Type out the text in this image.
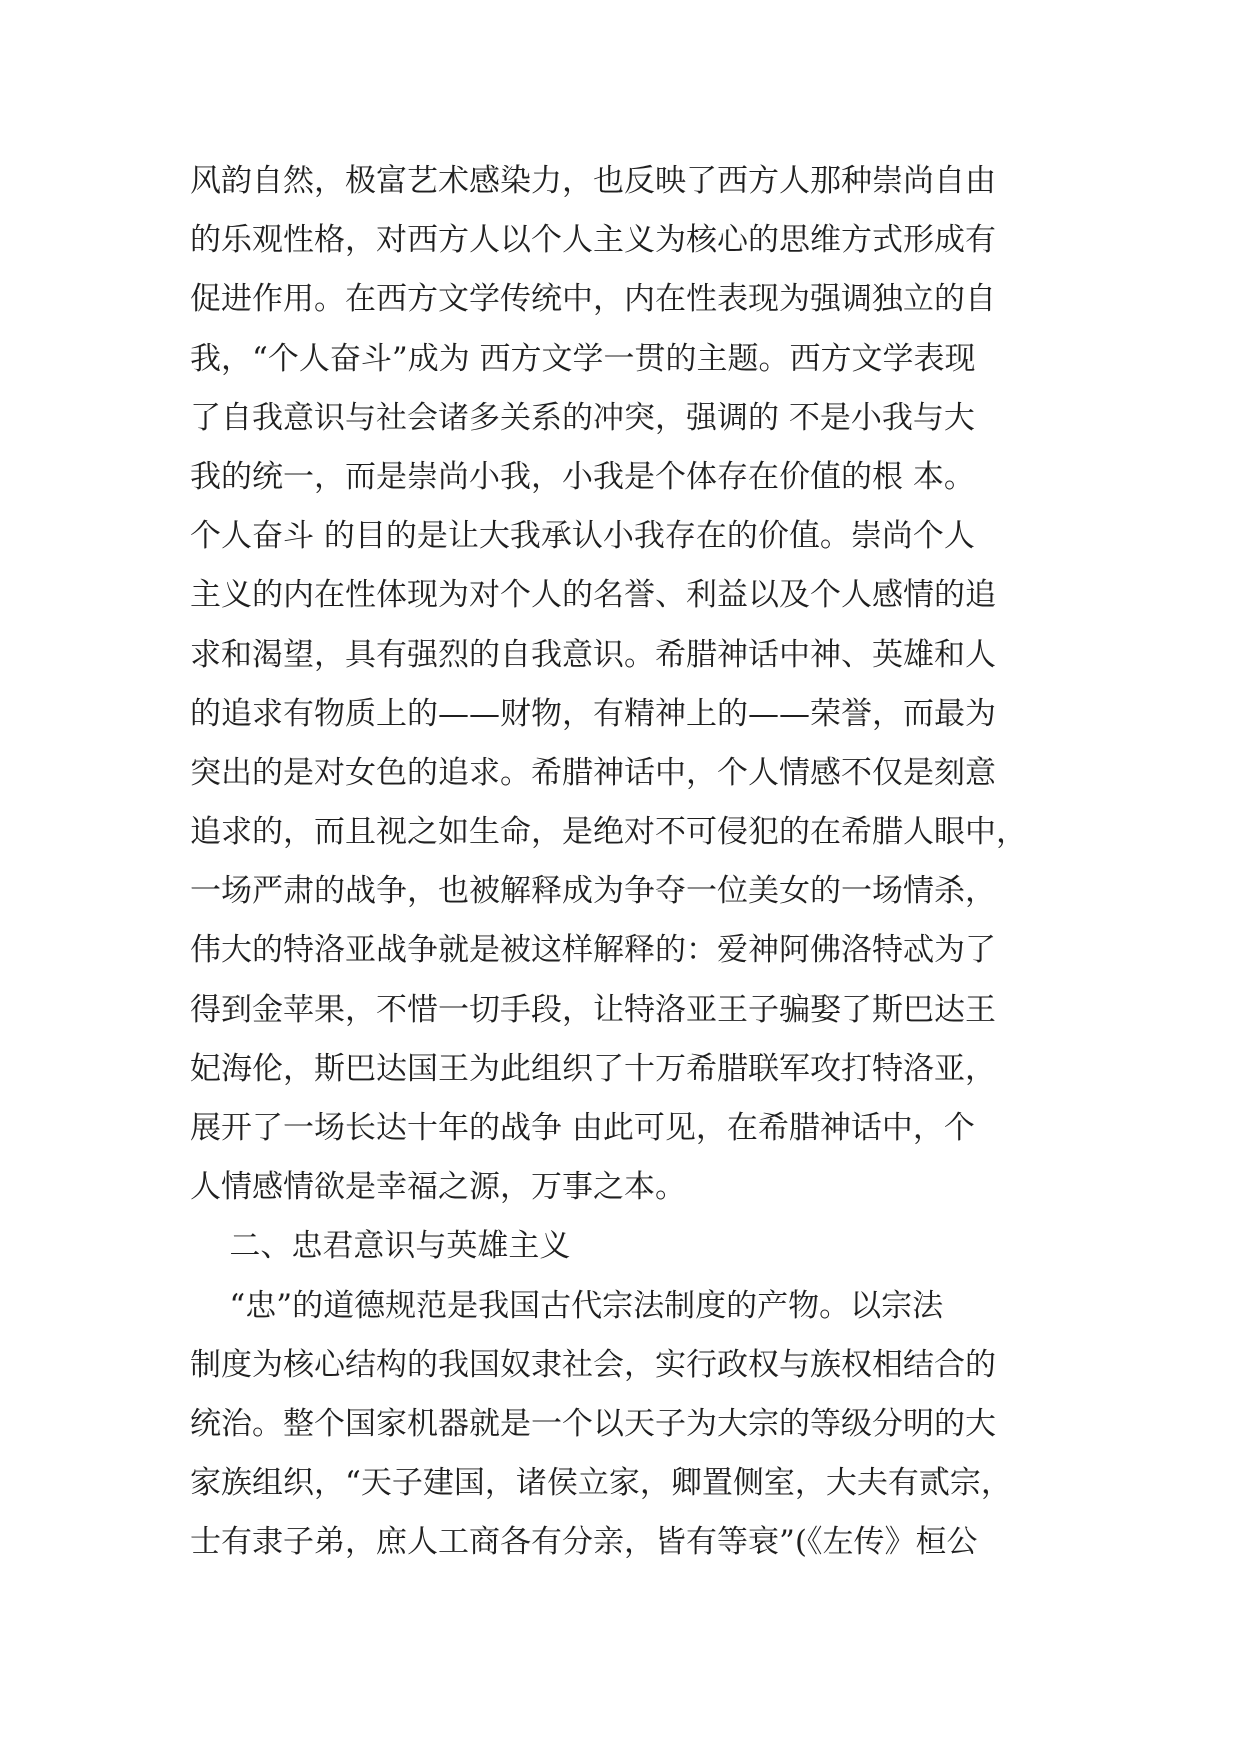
风韵自然，极富艺术感染力，也反映了西方人那种崇尚自由

的乐观性格，对西方人以个人主义为核心的思维方式形成有

促进作用。在西方文学传统中，内在性表现为强调独立的自

我，“个人奋斗”成为 西方文学一贯的主题。西方文学表现

了自我意识与社会诸多关系的冲突，强调的 不是小我与大

我的统一，而是崇尚小我，小我是个体存在价值的根 本。

个人奋斗 的目的是让大我承认小我存在的价值。崇尚个人

主义的内在性体现为对个人的名誉、利益以及个人感情的追

求和渴望，具有强烈的自我意识。希腊神话中神、英雄和人

的追求有物质上的——财物，有精神上的——荣誉，而最为

突出的是对女色的追求。希腊神话中，个人情感不仅是刻意

追求的，而且视之如生命，是绝对不可侵犯的在希腊人眼中，

一场严肃的战争，也被解释成为争夺一位美女的一场情杀，

伟大的特洛亚战争就是被这样解释的：爱神阿佛洛特忒为了

得到金苹果，不惜一切手段，让特洛亚王子骗娶了斯巴达王

妃海伦，斯巴达国王为此组织了十万希腊联军攻打特洛亚，

展开了一场长达十年的战争 由此可见，在希腊神话中，个

人情感情欲是幸福之源，万事之本。

二、忠君意识与英雄主义

“忠”的道德规范是我国古代宗法制度的产物。以宗法

制度为核心结构的我国奴隶社会，实行政权与族权相结合的

统治。整个国家机器就是一个以天子为大宗的等级分明的大

家族组织，“天子建国，诸侯立家，卿置侧室，大夫有贰宗，

士有隶子弟，庶人工商各有分亲，皆有等衰”(《左传》桓公
